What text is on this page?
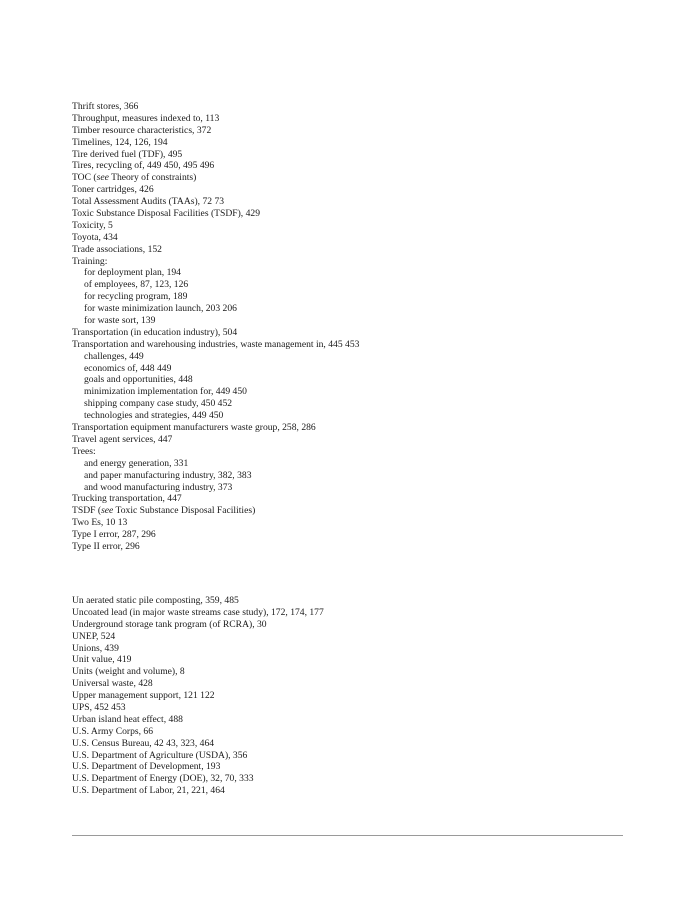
Thrift stores, 366
Throughput, measures indexed to, 113
Timber resource characteristics, 372
Timelines, 124, 126, 194
Tire derived fuel (TDF), 495
Tires, recycling of, 449 450, 495 496
TOC (see Theory of constraints)
Toner cartridges, 426
Total Assessment Audits (TAAs), 72 73
Toxic Substance Disposal Facilities (TSDF), 429
Toxicity, 5
Toyota, 434
Trade associations, 152
Training:
for deployment plan, 194
of employees, 87, 123, 126
for recycling program, 189
for waste minimization launch, 203 206
for waste sort, 139
Transportation (in education industry), 504
Transportation and warehousing industries, waste management in, 445 453
challenges, 449
economics of, 448 449
goals and opportunities, 448
minimization implementation for, 449 450
shipping company case study, 450 452
technologies and strategies, 449 450
Transportation equipment manufacturers waste group, 258, 286
Travel agent services, 447
Trees:
and energy generation, 331
and paper manufacturing industry, 382, 383
and wood manufacturing industry, 373
Trucking transportation, 447
TSDF (see Toxic Substance Disposal Facilities)
Two Es, 10 13
Type I error, 287, 296
Type II error, 296
Un aerated static pile composting, 359, 485
Uncoated lead (in major waste streams case study), 172, 174, 177
Underground storage tank program (of RCRA), 30
UNEP, 524
Unions, 439
Unit value, 419
Units (weight and volume), 8
Universal waste, 428
Upper management support, 121 122
UPS, 452 453
Urban island heat effect, 488
U.S. Army Corps, 66
U.S. Census Bureau, 42 43, 323, 464
U.S. Department of Agriculture (USDA), 356
U.S. Department of Development, 193
U.S. Department of Energy (DOE), 32, 70, 333
U.S. Department of Labor, 21, 221, 464
